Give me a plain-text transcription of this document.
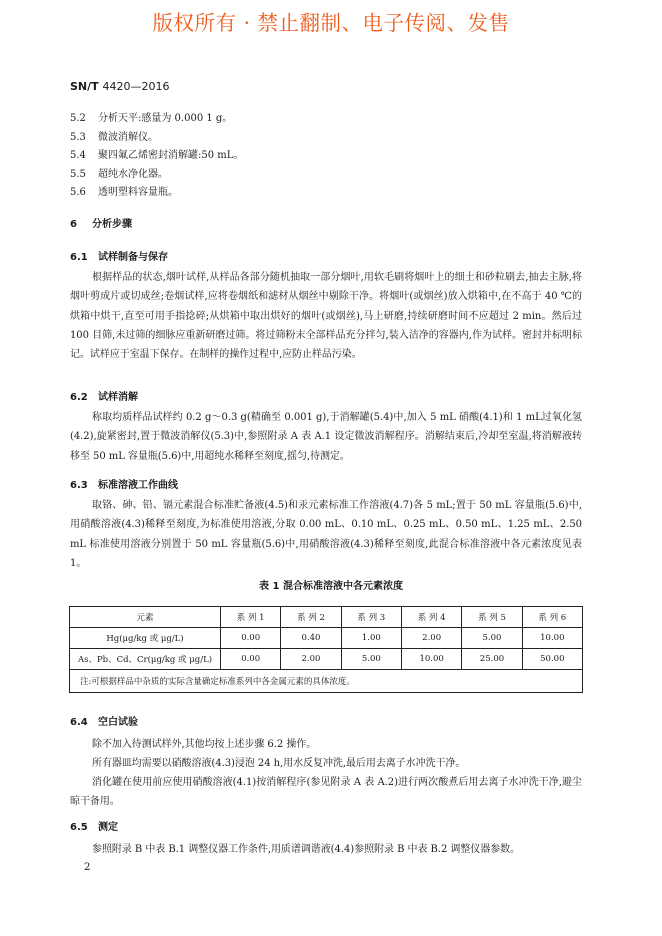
版权所有 · 禁止翻制、电子传阅、发售
SN/T 4420—2016
5.2 分析天平:感量为 0.000 1 g。
5.3 微波消解仪。
5.4 聚四氟乙烯密封消解罐:50 mL。
5.5 超纯水净化器。
5.6 透明塑料容量瓶。
6 分析步骤
6.1 试样制备与保存
根据样品的状态,烟叶试样,从样品各部分随机抽取一部分烟叶,用软毛刷将烟叶上的细土和砂粒刷去,抽去主脉,将烟叶剪成片或切成丝;卷烟试样,应将卷烟纸和滤材从烟丝中剔除干净。将烟叶(或烟丝)放入烘箱中,在不高于 40 ℃的烘箱中烘干,直至可用手指捻碎;从烘箱中取出烘好的烟叶(或烟丝),马上研磨,持续研磨时间不应超过 2 min。然后过 100 目筛,未过筛的细脉应重新研磨过筛。将过筛粉末全部样品充分拌匀,装入洁净的容器内,作为试样。密封并标明标记。试样应于室温下保存。在制样的操作过程中,应防止样品污染。
6.2 试样消解
称取均质样品试样约 0.2 g～0.3 g(精确至 0.001 g),于消解罐(5.4)中,加入 5 mL 硝酸(4.1)和 1 mL过氧化氢(4.2),旋紧密封,置于微波消解仪(5.3)中,参照附录 A 表 A.1 设定微波消解程序。消解结束后,冷却至室温,将消解液转移至 50 mL 容量瓶(5.6)中,用超纯水稀释至刻度,摇匀,待测定。
6.3 标准溶液工作曲线
取铬、砷、铅、镉元素混合标准贮备液(4.5)和汞元素标准工作溶液(4.7)各 5 mL;置于 50 mL 容量瓶(5.6)中,用硝酸溶液(4.3)稀释至刻度,为标准使用溶液,分取 0.00 mL、0.10 mL、0.25 mL、0.50 mL、1.25 mL、2.50 mL 标准使用溶液分别置于 50 mL 容量瓶(5.6)中,用硝酸溶液(4.3)稀释至刻度,此混合标准溶液中各元素浓度见表 1。
表 1 混合标准溶液中各元素浓度
元素	系 列 1	系 列 2	系 列 3	系 列 4	系 列 5	系 列 6
Hg(μg/kg 或 μg/L)	0.00	0.40	1.00	2.00	5.00	10.00
As、Pb、Cd、Cr(μg/kg 或 μg/L)	0.00	2.00	5.00	10.00	25.00	50.00
注:可根据样品中杂质的实际含量确定标准系列中各金属元素的具体浓度。						
6.4 空白试验
除不加入待测试样外,其他均按上述步骤 6.2 操作。
所有器皿均需要以硝酸溶液(4.3)浸泡 24 h,用水反复冲洗,最后用去离子水冲洗干净。
消化罐在使用前应使用硝酸溶液(4.1)按消解程序(参见附录 A 表 A.2)进行两次酸煮后用去离子水冲洗干净,避尘晾干备用。
6.5 测定
参照附录 B 中表 B.1 调整仪器工作条件,用质谱调谐液(4.4)参照附录 B 中表 B.2 调整仪器参数。
2
